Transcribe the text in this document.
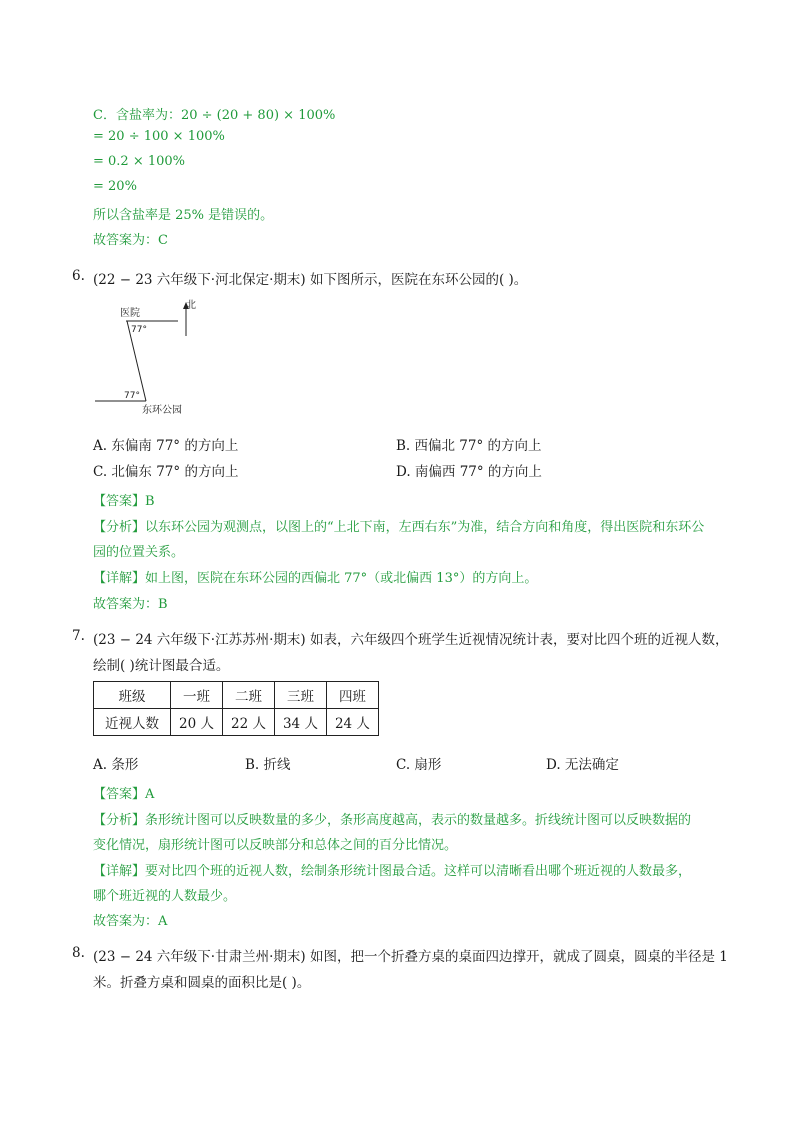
C．含盐率为：20 ÷ (20 + 80) × 100%
= 20 ÷ 100 × 100%
= 0.2 × 100%
= 20%
所以含盐率是 25% 是错误的。
故答案为：C
6. (22 − 23 六年级下·河北保定·期末) 如下图所示，医院在东环公园的( )。
北
医院
77°
77°
东环公园
A. 东偏南 77° 的方向上	B. 西偏北 77° 的方向上
C. 北偏东 77° 的方向上	D. 南偏西 77° 的方向上
【答案】B
【分析】以东环公园为观测点，以图上的“上北下南，左西右东”为准，结合方向和角度，得出医院和东环公
园的位置关系。
【详解】如上图，医院在东环公园的西偏北 77°（或北偏西 13°）的方向上。
故答案为：B
7. (23 − 24 六年级下·江苏苏州·期末) 如表，六年级四个班学生近视情况统计表，要对比四个班的近视人数，
绘制( )统计图最合适。
班级	一班	二班	三班	四班
近视人数	20 人	22 人	34 人	24 人
A. 条形	B. 折线	C. 扇形	D. 无法确定
【答案】A
【分析】条形统计图可以反映数量的多少，条形高度越高，表示的数量越多。折线统计图可以反映数据的
变化情况，扇形统计图可以反映部分和总体之间的百分比情况。
【详解】要对比四个班的近视人数，绘制条形统计图最合适。这样可以清晰看出哪个班近视的人数最多，
哪个班近视的人数最少。
故答案为：A
8. (23 − 24 六年级下·甘肃兰州·期末) 如图，把一个折叠方桌的桌面四边撑开，就成了圆桌，圆桌的半径是 1
米。折叠方桌和圆桌的面积比是( )。
